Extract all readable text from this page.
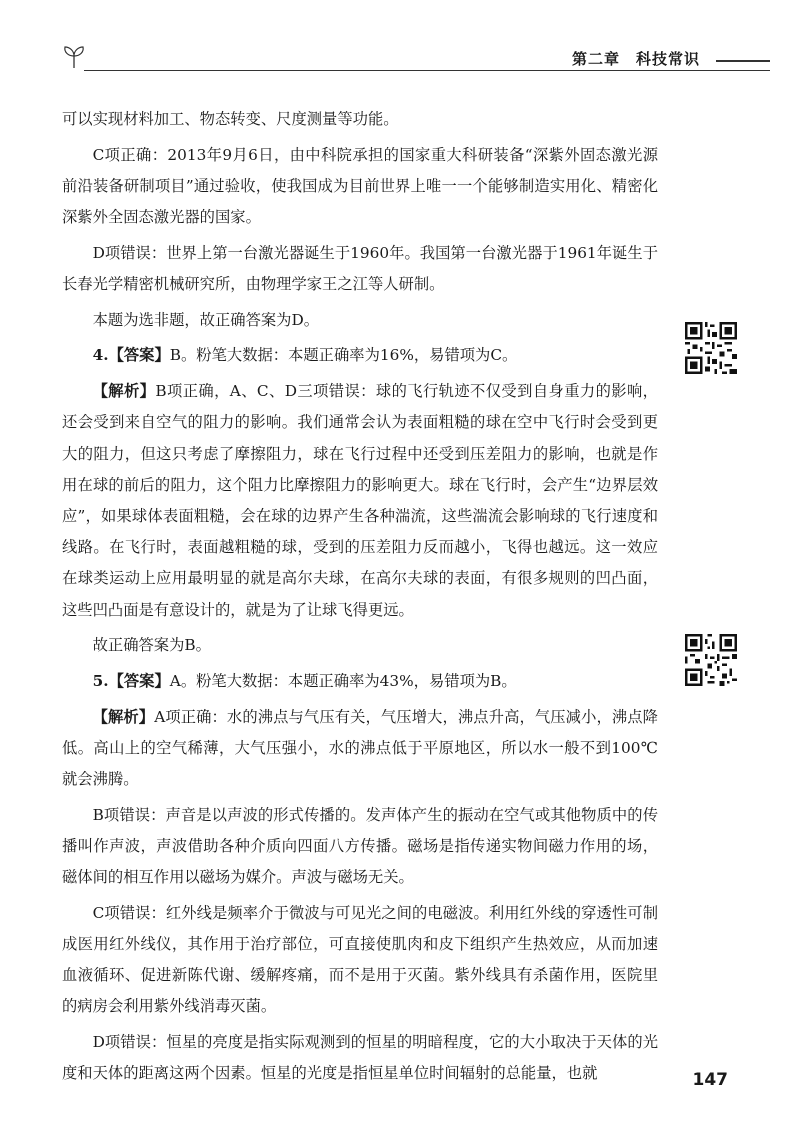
第二章　科技常识

可以实现材料加工、物态转变、尺度测量等功能。

C项正确：2013年9月6日，由中科院承担的国家重大科研装备“深紫外固态激光源前沿装备研制项目”通过验收，使我国成为目前世界上唯一一个能够制造实用化、精密化深紫外全固态激光器的国家。

D项错误：世界上第一台激光器诞生于1960年。我国第一台激光器于1961年诞生于长春光学精密机械研究所，由物理学家王之江等人研制。

本题为选非题，故正确答案为D。

4.【答案】B。粉笔大数据：本题正确率为16%，易错项为C。

【解析】B项正确，A、C、D三项错误：球的飞行轨迹不仅受到自身重力的影响，还会受到来自空气的阻力的影响。我们通常会认为表面粗糙的球在空中飞行时会受到更大的阻力，但这只考虑了摩擦阻力，球在飞行过程中还受到压差阻力的影响，也就是作用在球的前后的阻力，这个阻力比摩擦阻力的影响更大。球在飞行时，会产生“边界层效应”，如果球体表面粗糙，会在球的边界产生各种湍流，这些湍流会影响球的飞行速度和线路。在飞行时，表面越粗糙的球，受到的压差阻力反而越小，飞得也越远。这一效应在球类运动上应用最明显的就是高尔夫球，在高尔夫球的表面，有很多规则的凹凸面，这些凹凸面是有意设计的，就是为了让球飞得更远。

故正确答案为B。

5.【答案】A。粉笔大数据：本题正确率为43%，易错项为B。

【解析】A项正确：水的沸点与气压有关，气压增大，沸点升高，气压减小，沸点降低。高山上的空气稀薄，大气压强小，水的沸点低于平原地区，所以水一般不到100℃就会沸腾。

B项错误：声音是以声波的形式传播的。发声体产生的振动在空气或其他物质中的传播叫作声波，声波借助各种介质向四面八方传播。磁场是指传递实物间磁力作用的场，磁体间的相互作用以磁场为媒介。声波与磁场无关。

C项错误：红外线是频率介于微波与可见光之间的电磁波。利用红外线的穿透性可制成医用红外线仪，其作用于治疗部位，可直接使肌肉和皮下组织产生热效应，从而加速血液循环、促进新陈代谢、缓解疼痛，而不是用于灭菌。紫外线具有杀菌作用，医院里的病房会利用紫外线消毒灭菌。

D项错误：恒星的亮度是指实际观测到的恒星的明暗程度，它的大小取决于天体的光度和天体的距离这两个因素。恒星的光度是指恒星单位时间辐射的总能量，也就	147
